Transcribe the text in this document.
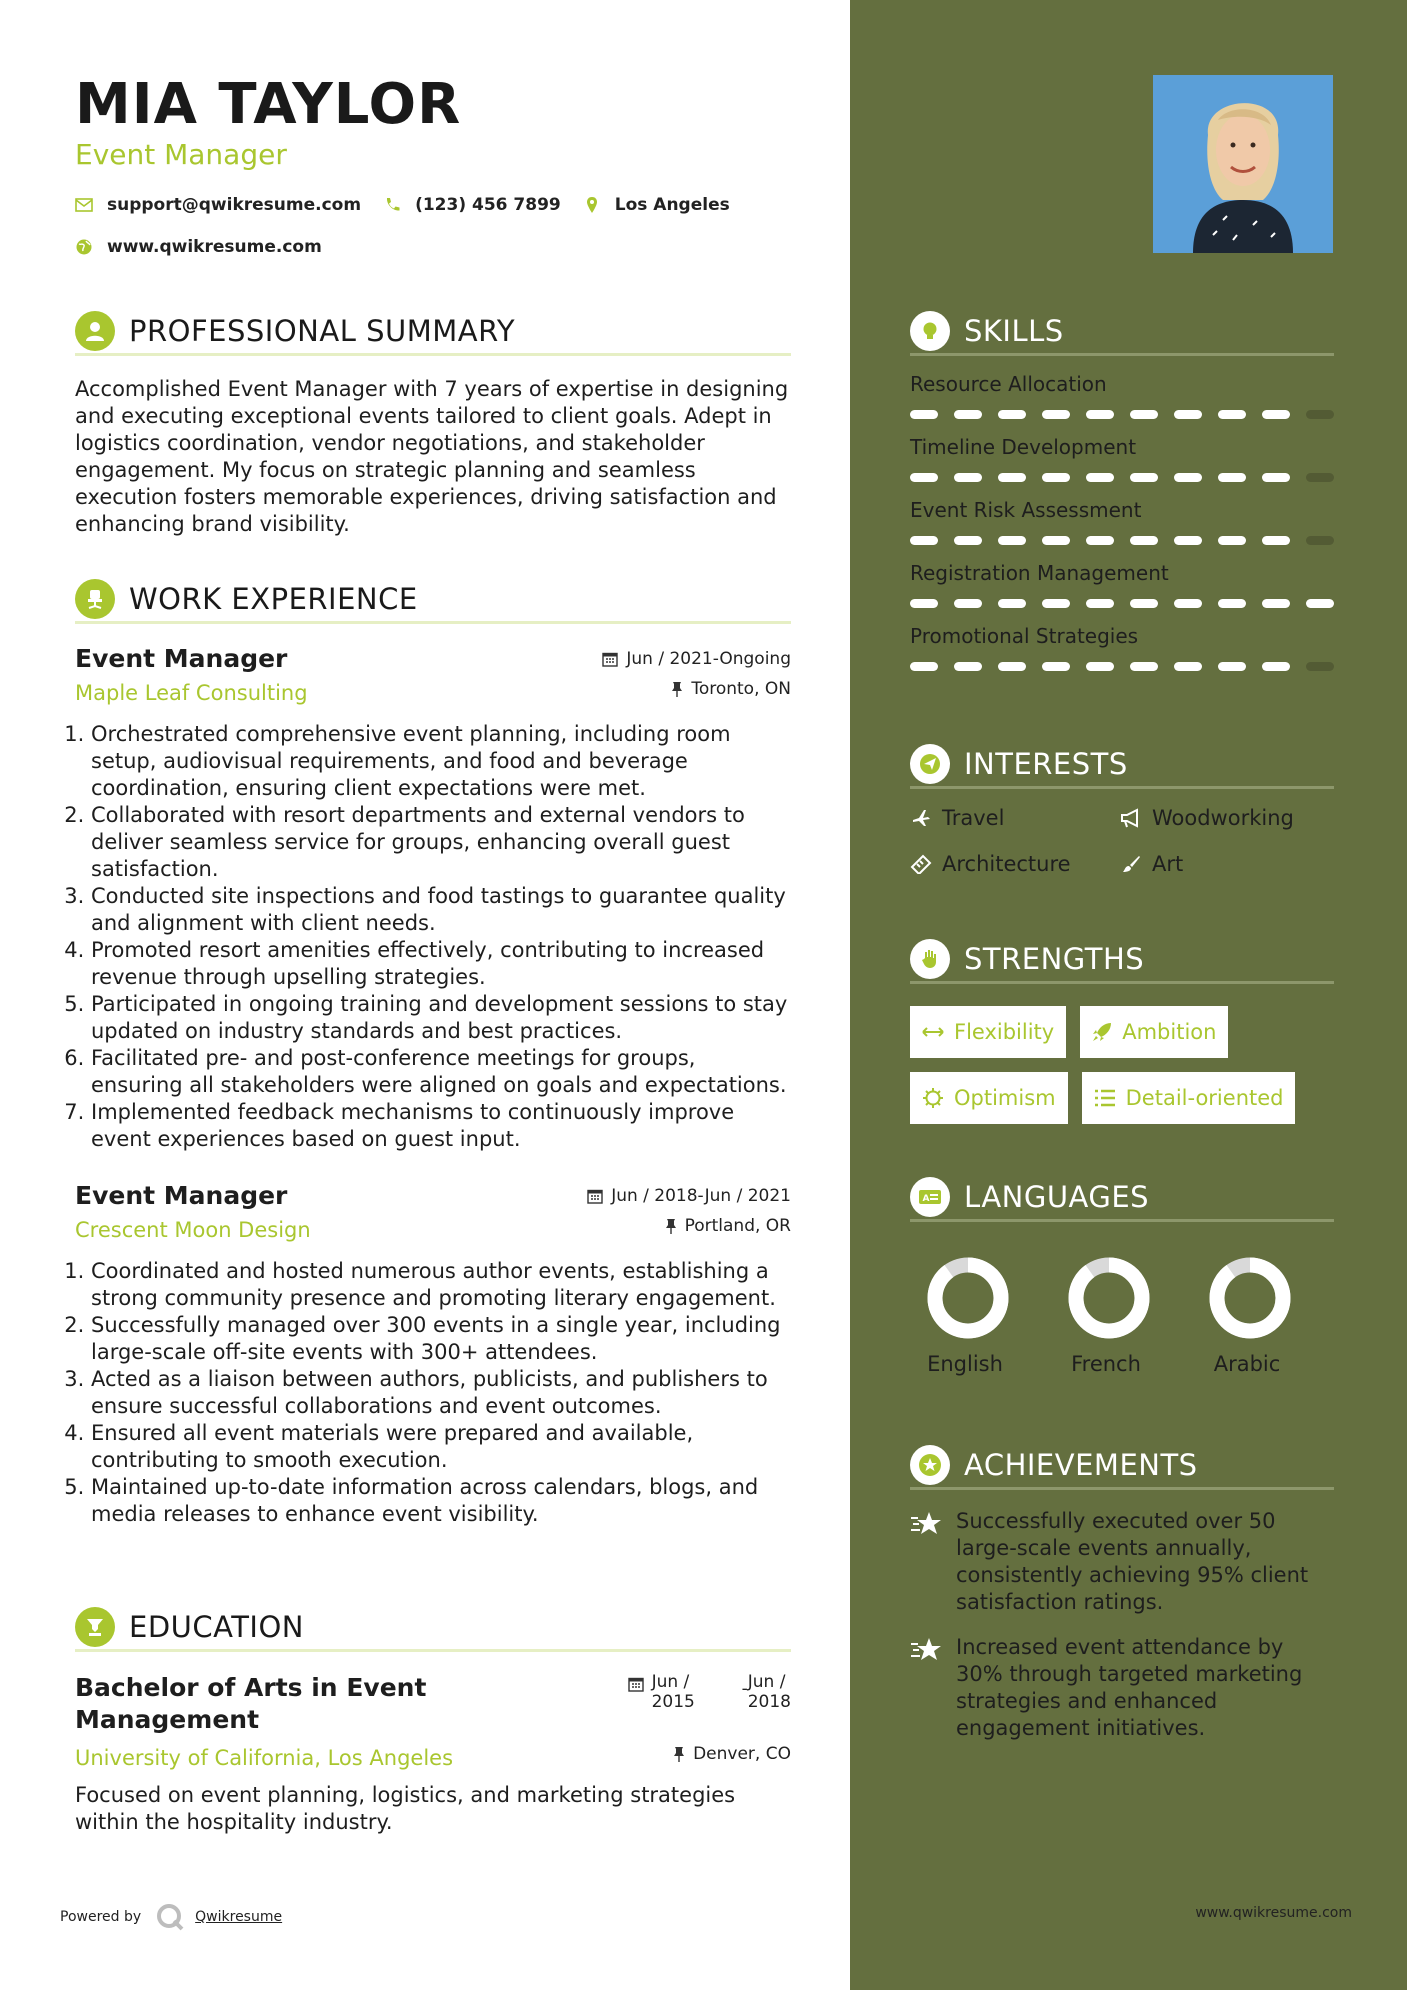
MIA TAYLOR
Event Manager
support@qwikresume.com	(123) 456 7899	Los Angeles
www.qwikresume.com
PROFESSIONAL SUMMARY
Accomplished Event Manager with 7 years of expertise in designing and executing exceptional events tailored to client goals. Adept in logistics coordination, vendor negotiations, and stakeholder engagement. My focus on strategic planning and seamless execution fosters memorable experiences, driving satisfaction and enhancing brand visibility.
WORK EXPERIENCE
Event Manager	Jun / 2021-Ongoing
Maple Leaf Consulting	Toronto, ON
1. Orchestrated comprehensive event planning, including room setup, audiovisual requirements, and food and beverage coordination, ensuring client expectations were met.
2. Collaborated with resort departments and external vendors to deliver seamless service for groups, enhancing overall guest satisfaction.
3. Conducted site inspections and food tastings to guarantee quality and alignment with client needs.
4. Promoted resort amenities effectively, contributing to increased revenue through upselling strategies.
5. Participated in ongoing training and development sessions to stay updated on industry standards and best practices.
6. Facilitated pre- and post-conference meetings for groups, ensuring all stakeholders were aligned on goals and expectations.
7. Implemented feedback mechanisms to continuously improve event experiences based on guest input.
Event Manager	Jun / 2018-Jun / 2021
Crescent Moon Design	Portland, OR
1. Coordinated and hosted numerous author events, establishing a strong community presence and promoting literary engagement.
2. Successfully managed over 300 events in a single year, including large-scale off-site events with 300+ attendees.
3. Acted as a liaison between authors, publicists, and publishers to ensure successful collaborations and event outcomes.
4. Ensured all event materials were prepared and available, contributing to smooth execution.
5. Maintained up-to-date information across calendars, blogs, and media releases to enhance event visibility.
EDUCATION
Bachelor of Arts in Event Management
Jun /
2015
- Jun /
2018
University of California, Los Angeles	Denver, CO
Focused on event planning, logistics, and marketing strategies within the hospitality industry.
Powered by	Qwikresume	www.qwikresume.com
SKILLS
Resource Allocation
Timeline Development
Event Risk Assessment
Registration Management
Promotional Strategies
INTERESTS
Travel	Woodworking
Architecture	Art
STRENGTHS
Flexibility	Ambition
Optimism	Detail-oriented
A LANGUAGES
English	French	Arabic
ACHIEVEMENTS
Successfully executed over 50 large-scale events annually, consistently achieving 95% client satisfaction ratings.
Increased event attendance by 30% through targeted marketing strategies and enhanced engagement initiatives.
